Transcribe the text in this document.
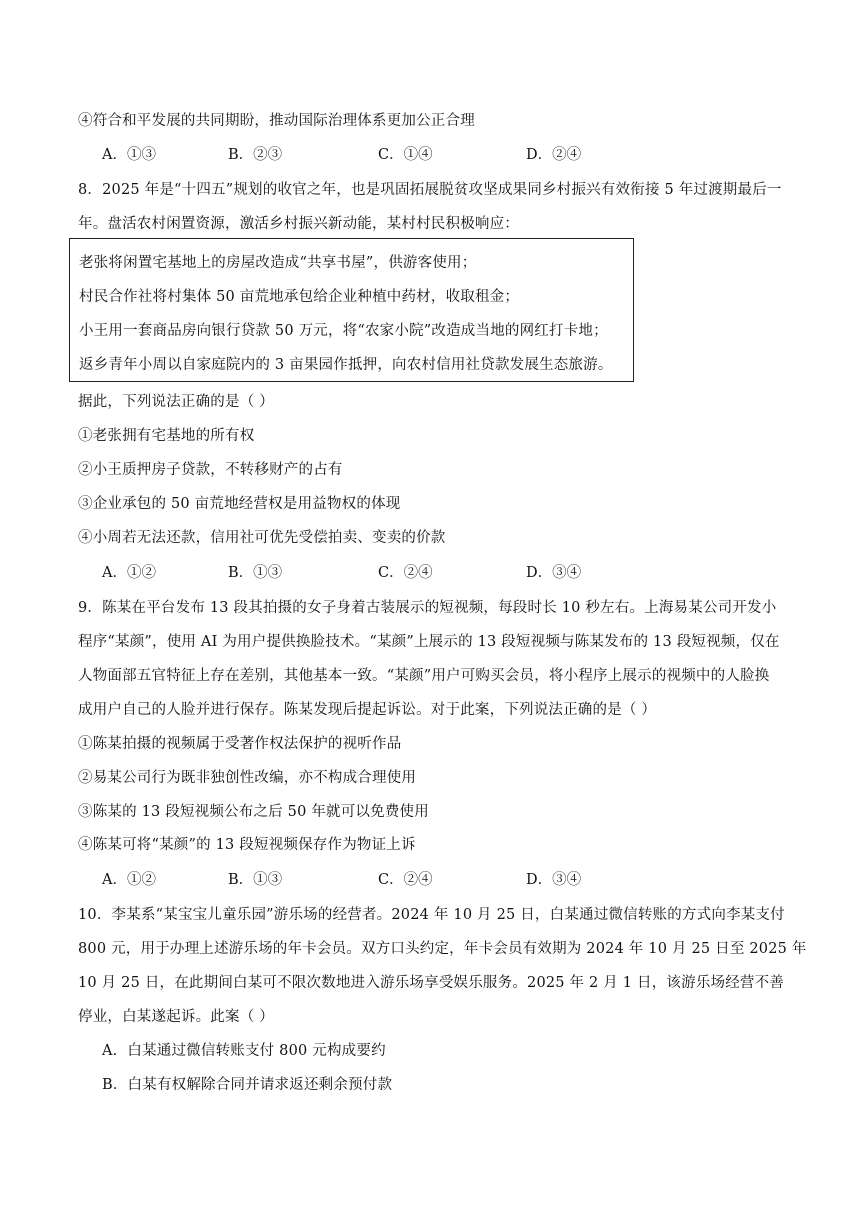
④符合和平发展的共同期盼，推动国际治理体系更加公正合理
A．①③	B．②③	C．①④	D．②④
8．2025 年是“十四五”规划的收官之年，也是巩固拓展脱贫攻坚成果同乡村振兴有效衔接 5 年过渡期最后一
年。盘活农村闲置资源，激活乡村振兴新动能，某村村民积极响应：
老张将闲置宅基地上的房屋改造成“共享书屋”，供游客使用；
村民合作社将村集体 50 亩荒地承包给企业种植中药材，收取租金；
小王用一套商品房向银行贷款 50 万元，将“农家小院”改造成当地的网红打卡地；
返乡青年小周以自家庭院内的 3 亩果园作抵押，向农村信用社贷款发展生态旅游。
据此，下列说法正确的是（ ）
①老张拥有宅基地的所有权
②小王质押房子贷款，不转移财产的占有
③企业承包的 50 亩荒地经营权是用益物权的体现
④小周若无法还款，信用社可优先受偿拍卖、变卖的价款
A．①②	B．①③	C．②④	D．③④
9．陈某在平台发布 13 段其拍摄的女子身着古装展示的短视频，每段时长 10 秒左右。上海易某公司开发小
程序“某颜”，使用 AI 为用户提供换脸技术。“某颜”上展示的 13 段短视频与陈某发布的 13 段短视频，仅在
人物面部五官特征上存在差别，其他基本一致。“某颜”用户可购买会员，将小程序上展示的视频中的人脸换
成用户自己的人脸并进行保存。陈某发现后提起诉讼。对于此案，下列说法正确的是（ ）
①陈某拍摄的视频属于受著作权法保护的视听作品
②易某公司行为既非独创性改编，亦不构成合理使用
③陈某的 13 段短视频公布之后 50 年就可以免费使用
④陈某可将“某颜”的 13 段短视频保存作为物证上诉
A．①②	B．①③	C．②④	D．③④
10．李某系“某宝宝儿童乐园”游乐场的经营者。2024 年 10 月 25 日，白某通过微信转账的方式向李某支付
800 元，用于办理上述游乐场的年卡会员。双方口头约定，年卡会员有效期为 2024 年 10 月 25 日至 2025 年
10 月 25 日，在此期间白某可不限次数地进入游乐场享受娱乐服务。2025 年 2 月 1 日，该游乐场经营不善
停业，白某遂起诉。此案（ ）
A．白某通过微信转账支付 800 元构成要约
B．白某有权解除合同并请求返还剩余预付款
